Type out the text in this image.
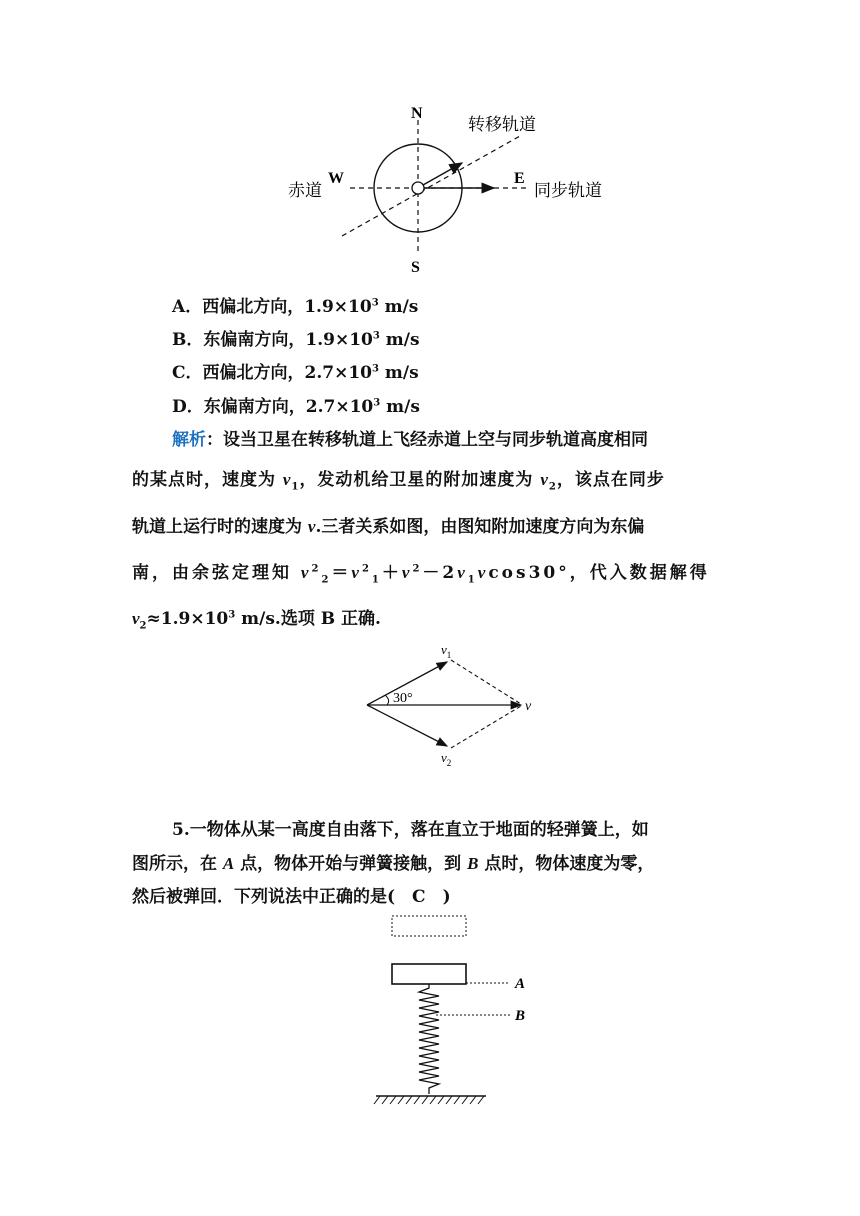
N
S
W	E
转移轨道
赤道	同步轨道
A．西偏北方向，$1.9\times 10^3$ m/s
B．东偏南方向，$1.9\times 10^3$ m/s
C．西偏北方向，$2.7\times 10^3$ m/s
D．东偏南方向，$2.7\times 10^3$ m/s
解析：设当卫星在转移轨道上飞经赤道上空与同步轨道高度相同
的某点时，速度为 $v_1$，发动机给卫星的附加速度为 $v_2$，该点在同步
轨道上运行时的速度为 v.三者关系如图，由图知附加速度方向为东偏
南，由余弦定理知 $v^2_2=v^2_1+v^2-2v_1vcos30^\circ$，代入数据解得
$v_2\approx 1.9\times 10^3$ m/s.选项 B 正确.
30°
$v_1$
$v_2$
v
5.一物体从某一高度自由落下，落在直立于地面的轻弹簧上，如
图所示，在 A 点，物体开始与弹簧接触，到 B 点时，物体速度为零，
然后被弹回．下列说法中正确的是(　C　)
A
B
